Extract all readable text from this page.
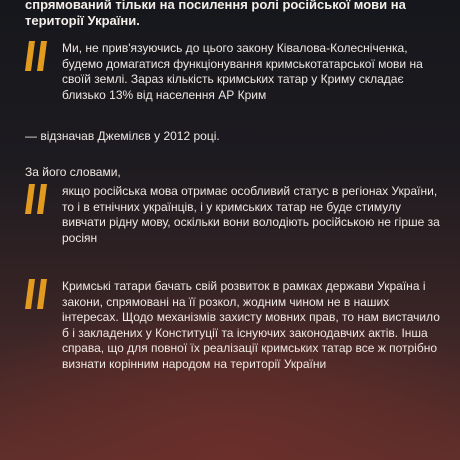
спрямований тільки на посилення ролі російської мови на території України.

Ми, не прив'язуючись до цього закону Ківалова-Колесніченка, будемо домагатися функціонування кримськотатарської мови на своїй землі. Зараз кількість кримських татар у Криму складає близько 13% від населення АР Крим

— відзначав Джемілєв у 2012 році.

За його словами,

якщо російська мова отримає особливий статус в регіонах України, то і в етнічних українців, і у кримських татар не буде стимулу вивчати рідну мову, оскільки вони володіють російською не гірше за росіян

Кримські татари бачать свій розвиток в рамках держави Україна і закони, спрямовані на її розкол, жодним чином не в наших інтересах. Щодо механізмів захисту мовних прав, то нам вистачило б і закладених у Конституції та існуючих законодавчих актів. Інша справа, що для повної їх реалізації кримських татар все ж потрібно визнати корінним народом на території України
